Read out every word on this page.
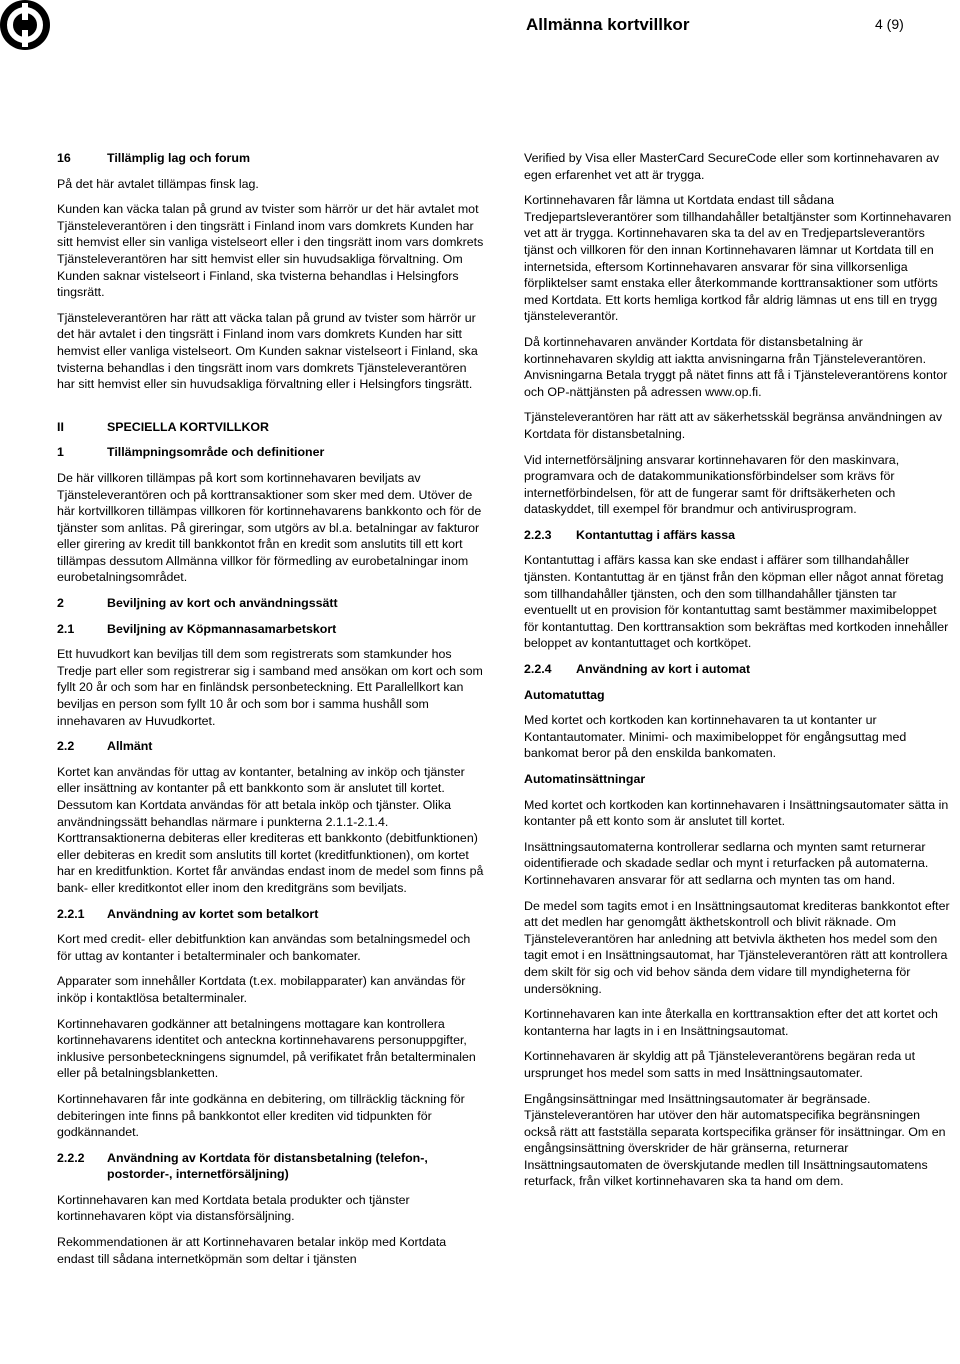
Allmänna kortvillkor	4 (9)
16	Tillämplig lag och forum

På det här avtalet tillämpas finsk lag.

Kunden kan väcka talan på grund av tvister som härrör ur det här avtalet mot Tjänsteleverantören i den tingsrätt i Finland inom vars domkrets Kunden har sitt hemvist eller sin vanliga vistelseort eller i den tingsrätt inom vars domkrets Tjänsteleverantören har sitt hemvist eller sin huvudsakliga förvaltning. Om Kunden saknar vistelseort i Finland, ska tvisterna behandlas i Helsingfors tingsrätt.

Tjänsteleverantören har rätt att väcka talan på grund av tvister som härrör ur det här avtalet i den tingsrätt i Finland inom vars domkrets Kunden har sitt hemvist eller vanliga vistelseort. Om Kunden saknar vistelseort i Finland, ska tvisterna behandlas i den tingsrätt inom vars domkrets Tjänsteleverantören har sitt hemvist eller sin huvudsakliga förvaltning eller i Helsingfors tingsrätt.

II	SPECIELLA KORTVILLKOR
1	Tillämpningsområde och definitioner

De här villkoren tillämpas på kort som kortinnehavaren beviljats av Tjänsteleverantören och på korttransaktioner som sker med dem. Utöver de här kortvillkoren tillämpas villkoren för kortinnehavarens bankkonto och för de tjänster som anlitas. På gireringar, som utgörs av bl.a. betalningar av fakturor eller girering av kredit till bankkontot från en kredit som anslutits till ett kort tillämpas dessutom Allmänna villkor för förmedling av eurobetalningar inom eurobetalningsområdet.

2	Beviljning av kort och användningssätt
2.1	Beviljning av Köpmannasamarbetskort

Ett huvudkort kan beviljas till dem som registrerats som stamkunder hos Tredje part eller som registrerar sig i samband med ansökan om kort och som fyllt 20 år och som har en finländsk personbeteckning. Ett Parallellkort kan beviljas en person som fyllt 10 år och som bor i samma hushåll som innehavaren av Huvudkortet.

2.2	Allmänt

Kortet kan användas för uttag av kontanter, betalning av inköp och tjänster eller insättning av kontanter på ett bankkonto som är anslutet till kortet. Dessutom kan Kortdata användas för att betala inköp och tjänster. Olika användningssätt behandlas närmare i punkterna 2.1.1-2.1.4. Korttransaktionerna debiteras eller krediteras ett bankkonto (debitfunktionen) eller debiteras en kredit som anslutits till kortet (kreditfunktionen), om kortet har en kreditfunktion. Kortet får användas endast inom de medel som finns på bank- eller kreditkontot eller inom den kreditgräns som beviljats.

2.2.1	Användning av kortet som betalkort

Kort med credit- eller debitfunktion kan användas som betalningsmedel och för uttag av kontanter i betalterminaler och bankomater.

Apparater som innehåller Kortdata (t.ex. mobilapparater) kan användas för inköp i kontaktlösa betalterminaler.

Kortinnehavaren godkänner att betalningens mottagare kan kontrollera kortinnehavarens identitet och anteckna kortinnehavarens personuppgifter, inklusive personbeteckningens signumdel, på verifikatet från betalterminalen eller på betalningsblanketten.

Kortinnehavaren får inte godkänna en debitering, om tillräcklig täckning för debiteringen inte finns på bankkontot eller krediten vid tidpunkten för godkännandet.

2.2.2	Användning av Kortdata för distansbetalning (telefon-, postorder-, internetförsäljning)

Kortinnehavaren kan med Kortdata betala produkter och tjänster kortinnehavaren köpt via distansförsäljning.

Rekommendationen är att Kortinnehavaren betalar inköp med Kortdata endast till sådana internetköpmän som deltar i tjänsten

Verified by Visa eller MasterCard SecureCode eller som kortinnehavaren av egen erfarenhet vet att är trygga.

Kortinnehavaren får lämna ut Kortdata endast till sådana Tredjepartsleverantörer som tillhandahåller betaltjänster som Kortinnehavaren vet att är trygga. Kortinnehavaren ska ta del av en Tredjepartsleverantörs tjänst och villkoren för den innan Kortinnehavaren lämnar ut Kortdata till en internetsida, eftersom Kortinnehavaren ansvarar för sina villkorsenliga förpliktelser samt enstaka eller återkommande korttransaktioner som utförts med Kortdata. Ett korts hemliga kortkod får aldrig lämnas ut ens till en trygg tjänsteleverantör.

Då kortinnehavaren använder Kortdata för distansbetalning är kortinnehavaren skyldig att iakttа anvisningarna från Tjänsteleverantören. Anvisningarna Betala tryggt på nätet finns att få i Tjänsteleverantörens kontor och OP-nättjänsten på adressen www.op.fi.

Tjänsteleverantören har rätt att av säkerhetsskäl begränsa användningen av Kortdata för distansbetalning.

Vid internetförsäljning ansvarar kortinnehavaren för den maskinvara, programvara och de datakommunikationsförbindelser som krävs för internetförbindelsen, för att de fungerar samt för driftsäkerheten och dataskyddet, till exempel för brandmur och antivirusprogram.

2.2.3	Kontantuttag i affärs kassa

Kontantuttag i affärs kassa kan ske endast i affärer som tillhandahåller tjänsten. Kontantuttag är en tjänst från den köpman eller något annat företag som tillhandahåller tjänsten, och den som tillhandahåller tjänsten tar eventuellt ut en provision för kontantuttag samt bestämmer maximibeloppet för kontantuttag. Den korttransaktion som bekräftas med kortkoden innehåller beloppet av kontantuttaget och kortköpet.

2.2.4	Användning av kort i automat
Automatuttag

Med kortet och kortkoden kan kortinnehavaren ta ut kontanter ur Kontantautomater. Minimi- och maximibeloppet för engångsuttag med bankomat beror på den enskilda bankomaten.

Automatinsättningar

Med kortet och kortkoden kan kortinnehavaren i Insättningsautomater sätta in kontanter på ett konto som är anslutet till kortet.

Insättningsautomaterna kontrollerar sedlarna och mynten samt returnerar oidentifierade och skadade sedlar och mynt i returfacken på automaterna. Kortinnehavaren ansvarar för att sedlarna och mynten tas om hand.

De medel som tagits emot i en Insättningsautomat krediteras bankkontot efter att det medlen har genomgått äkthetskontroll och blivit räknade. Om Tjänsteleverantören har anledning att betvivla äktheten hos medel som den tagit emot i en Insättningsautomat, har Tjänsteleverantören rätt att kontrollera dem skilt för sig och vid behov sända dem vidare till myndigheterna för undersökning.

Kortinnehavaren kan inte återkalla en korttransaktion efter det att kortet och kontanterna har lagts in i en Insättningsautomat.

Kortinnehavaren är skyldig att på Tjänsteleverantörens begäran reda ut ursprunget hos medel som satts in med Insättningsautomater.

Engångsinsättningar med Insättningsautomater är begränsade. Tjänsteleverantören har utöver den här automatspecifika begränsningen också rätt att fastställa separata kortspecifika gränser för insättningar. Om en engångsinsättning överskrider de här gränserna, returnerar Insättningsautomaten de överskjutande medlen till Insättningsautomatens returfack, från vilket kortinnehavaren ska ta hand om dem.
